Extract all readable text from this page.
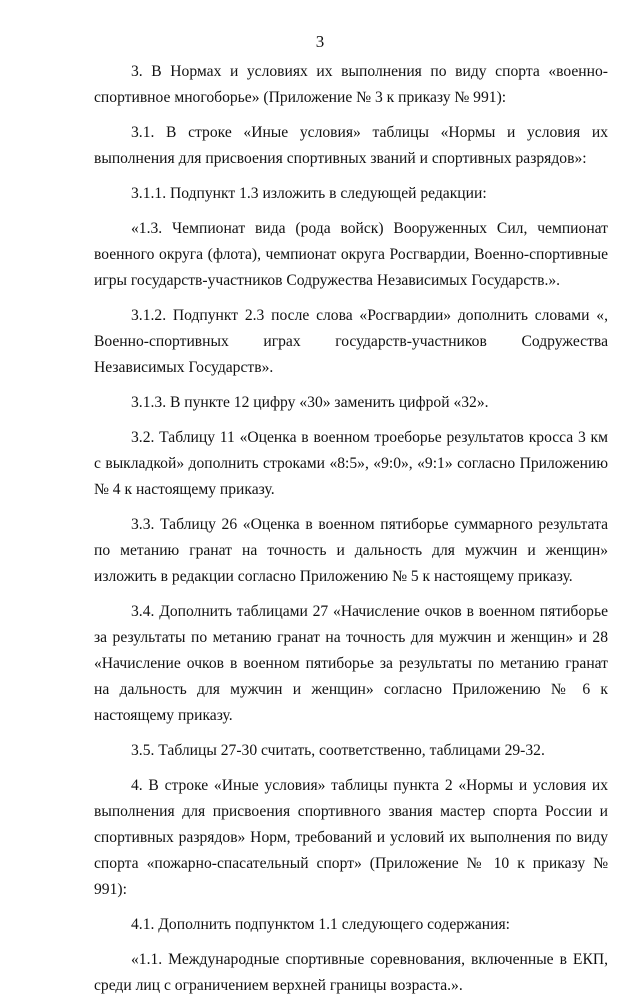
3

3. В Нормах и условиях их выполнения по виду спорта «военно-спортивное многоборье» (Приложение № 3 к приказу № 991):

3.1. В строке «Иные условия» таблицы «Нормы и условия их выполнения для присвоения спортивных званий и спортивных разрядов»:

3.1.1. Подпункт 1.3 изложить в следующей редакции:

«1.3. Чемпионат вида (рода войск) Вооруженных Сил, чемпионат военного округа (флота), чемпионат округа Росгвардии, Военно-спортивные игры государств-участников Содружества Независимых Государств.».

3.1.2. Подпункт 2.3 после слова «Росгвардии» дополнить словами «, Военно-спортивных играх государств-участников Содружества Независимых Государств».

3.1.3. В пункте 12 цифру «30» заменить цифрой «32».

3.2. Таблицу 11 «Оценка в военном троеборье результатов кросса 3 км с выкладкой» дополнить строками «8:5», «9:0», «9:1» согласно Приложению № 4 к настоящему приказу.

3.3. Таблицу 26 «Оценка в военном пятиборье суммарного результата по метанию гранат на точность и дальность для мужчин и женщин» изложить в редакции согласно Приложению № 5 к настоящему приказу.

3.4. Дополнить таблицами 27 «Начисление очков в военном пятиборье за результаты по метанию гранат на точность для мужчин и женщин» и 28 «Начисление очков в военном пятиборье за результаты по метанию гранат на дальность для мужчин и женщин» согласно Приложению № 6 к настоящему приказу.

3.5. Таблицы 27-30 считать, соответственно, таблицами 29-32.

4. В строке «Иные условия» таблицы пункта 2 «Нормы и условия их выполнения для присвоения спортивного звания мастер спорта России и спортивных разрядов» Норм, требований и условий их выполнения по виду спорта «пожарно-спасательный спорт» (Приложение № 10 к приказу № 991):

4.1. Дополнить подпунктом 1.1 следующего содержания:

«1.1. Международные спортивные соревнования, включенные в ЕКП, среди лиц с ограничением верхней границы возраста.».
